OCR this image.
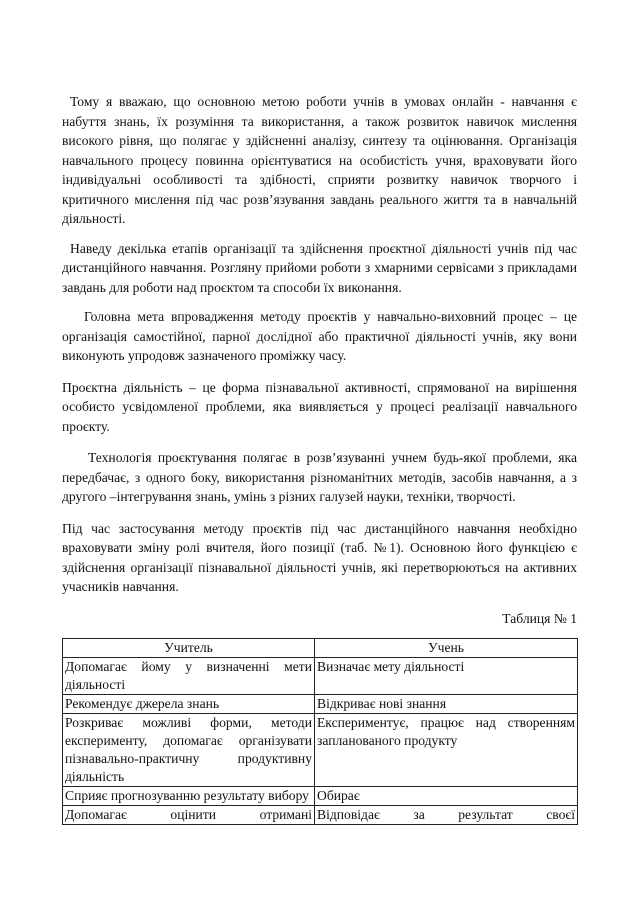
Тому я вважаю, що основною метою роботи учнів в умовах онлайн - навчання є набуття знань, їх розуміння та використання, а також розвиток навичок мислення високого рівня, що полягає у здійсненні аналізу, синтезу та оцінювання. Організація навчального процесу повинна орієнтуватися на особистість учня, враховувати його індивідуальні особливості та здібності, сприяти розвитку навичок творчого і критичного мислення під час розв’язування завдань реального життя та в навчальній діяльності.

Наведу декілька етапів організації та здійснення проєктної діяльності учнів під час дистанційного навчання. Розгляну прийоми роботи з хмарними сервісами з прикладами завдань для роботи над проєктом та способи їх виконання.

Головна мета впровадження методу проєктів у навчально-виховний процес – це організація самостійної, парної дослідної або практичної діяльності учнів, яку вони виконують упродовж зазначеного проміжку часу.

Проєктна діяльність – це форма пізнавальної активності, спрямованої на вирішення особисто усвідомленої проблеми, яка виявляється у процесі реалізації навчального проєкту.

Технологія проєктування полягає в розв’язуванні учнем будь-якої проблеми, яка передбачає, з одного боку, використання різноманітних методів, засобів навчання, а з другого –інтегрування знань, умінь з різних галузей науки, техніки, творчості.

Під час застосування методу проєктів під час дистанційного навчання необхідно враховувати зміну ролі вчителя, його позиції (таб. №1). Основною його функцією є здійснення організації пізнавальної діяльності учнів, які перетворюються на активних учасників навчання.

Таблиця № 1
Учитель	Учень
Допомагає йому у визначенні мети діяльності	Визначає мету діяльності
Рекомендує джерела знань	Відкриває нові знання
Розкриває можливі форми, методи експерименту, допомагає організувати пізнавально-практичну продуктивну діяльність	Експериментує, працює над створенням запланованого продукту
Сприяє прогнозуванню результату вибору	Обирає
Допомагає оцінити отримані	Відповідає за результат своєї
